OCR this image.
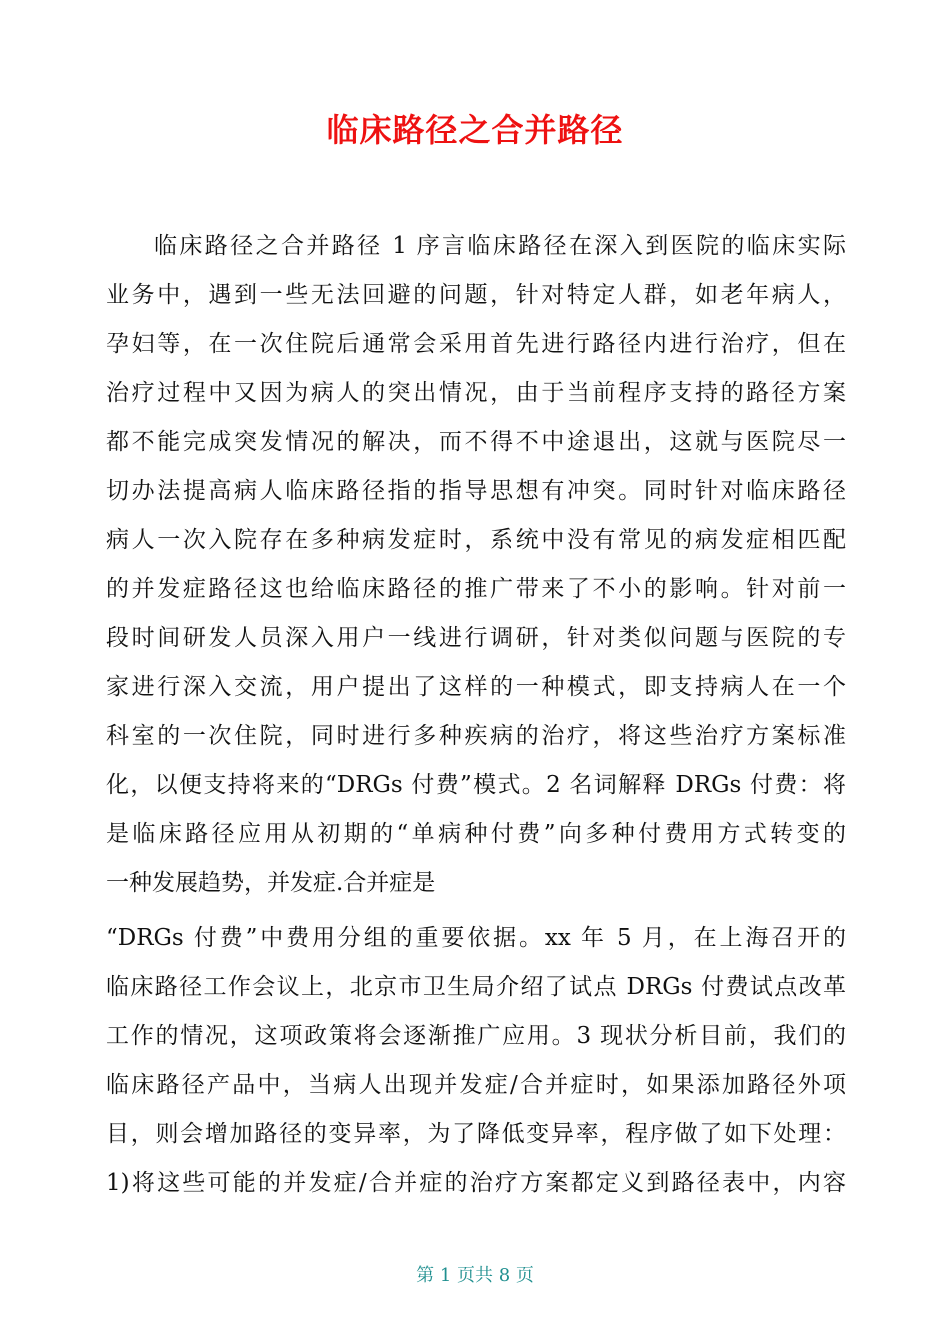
临床路径之合并路径
临床路径之合并路径 1 序言临床路径在深入到医院的临床实际
业务中，遇到一些无法回避的问题，针对特定人群，如老年病人，
孕妇等，在一次住院后通常会采用首先进行路径内进行治疗，但在
治疗过程中又因为病人的突出情况，由于当前程序支持的路径方案
都不能完成突发情况的解决，而不得不中途退出，这就与医院尽一
切办法提高病人临床路径指的指导思想有冲突。同时针对临床路径
病人一次入院存在多种病发症时，系统中没有常见的病发症相匹配
的并发症路径这也给临床路径的推广带来了不小的影响。针对前一
段时间研发人员深入用户一线进行调研，针对类似问题与医院的专
家进行深入交流，用户提出了这样的一种模式，即支持病人在一个
科室的一次住院，同时进行多种疾病的治疗，将这些治疗方案标准
化，以便支持将来的“DRGs 付费”模式。2 名词解释 DRGs 付费：将
是临床路径应用从初期的“单病种付费”向多种付费用方式转变的
一种发展趋势，并发症.合并症是
“DRGs 付费”中费用分组的重要依据。xx 年 5 月，在上海召开的
临床路径工作会议上，北京市卫生局介绍了试点 DRGs 付费试点改革
工作的情况，这项政策将会逐渐推广应用。3 现状分析目前，我们的
临床路径产品中，当病人出现并发症/合并症时，如果添加路径外项
目，则会增加路径的变异率，为了降低变异率，程序做了如下处理：
1)将这些可能的并发症/合并症的治疗方案都定义到路径表中，内容
第 1 页共 8 页
